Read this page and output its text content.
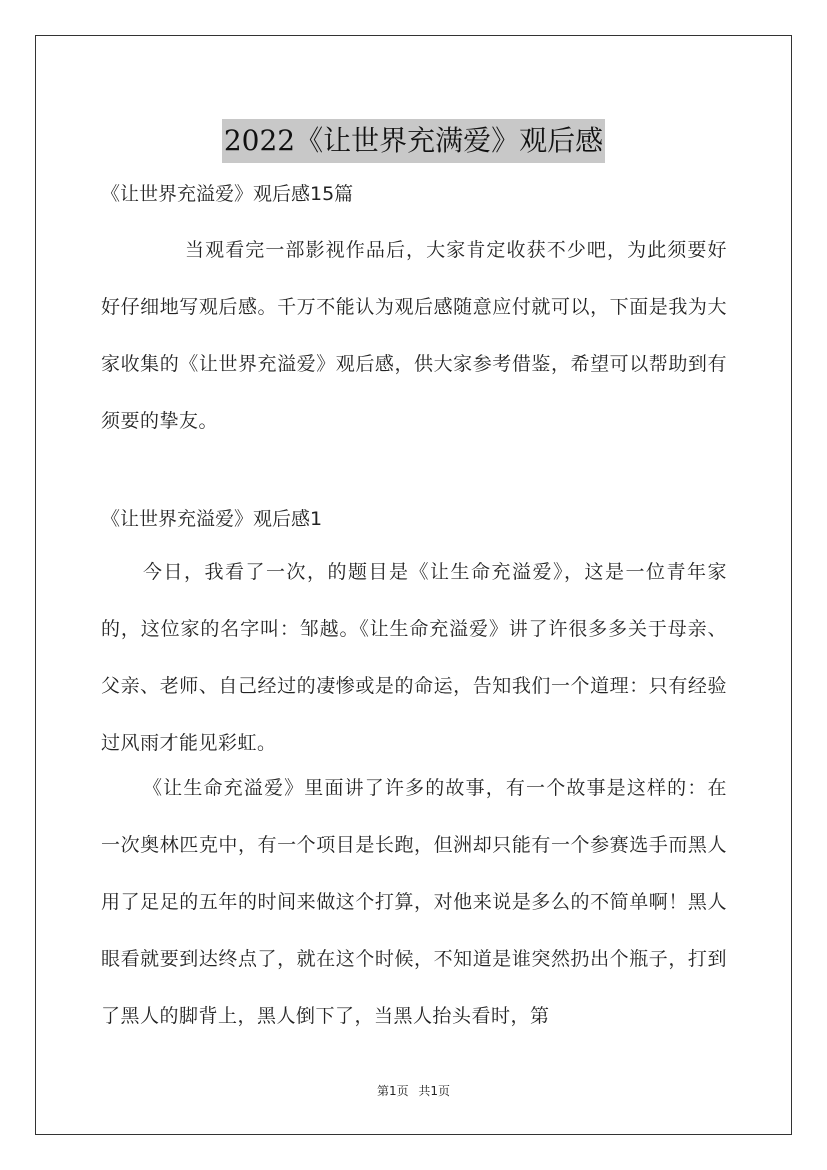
2022《让世界充满爱》观后感
《让世界充溢爱》观后感15篇

当观看完一部影视作品后，大家肯定收获不少吧，为此须要好好仔细地写观后感。千万不能认为观后感随意应付就可以，下面是我为大家收集的《让世界充溢爱》观后感，供大家参考借鉴，希望可以帮助到有须要的挚友。

《让世界充溢爱》观后感1

今日，我看了一次，的题目是《让生命充溢爱》，这是一位青年家的，这位家的名字叫：邹越。《让生命充溢爱》讲了许很多多关于母亲、父亲、老师、自己经过的凄惨或是的命运，告知我们一个道理：只有经验过风雨才能见彩虹。

《让生命充溢爱》里面讲了许多的故事，有一个故事是这样的：在一次奥林匹克中，有一个项目是长跑，但洲却只能有一个参赛选手而黑人用了足足的五年的时间来做这个打算，对他来说是多么的不简单啊！黑人眼看就要到达终点了，就在这个时候，不知道是谁突然扔出个瓶子，打到了黑人的脚背上，黑人倒下了，当黑人抬头看时，第

第1页 共1页
